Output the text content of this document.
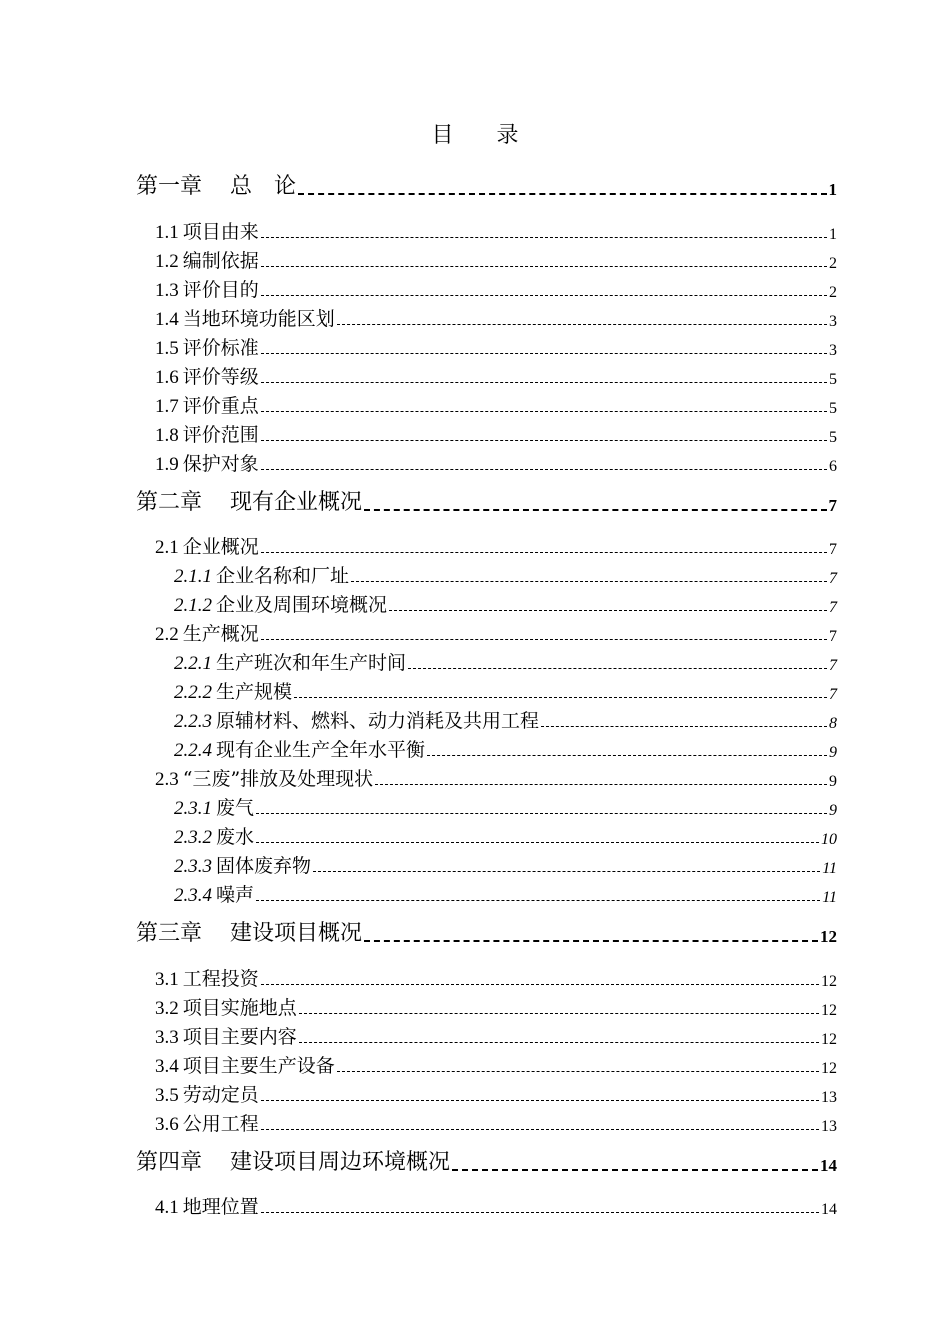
目 录
第一章 总　论	1
1.1 项目由来	1
1.2 编制依据	2
1.3 评价目的	2
1.4 当地环境功能区划	3
1.5 评价标准	3
1.6 评价等级	5
1.7 评价重点	5
1.8 评价范围	5
1.9 保护对象	6
第二章 现有企业概况	7
2.1 企业概况	7
2.1.1 企业名称和厂址	7
2.1.2 企业及周围环境概况	7
2.2 生产概况	7
2.2.1 生产班次和年生产时间	7
2.2.2 生产规模	7
2.2.3 原辅材料、燃料、动力消耗及共用工程	8
2.2.4 现有企业生产全年水平衡	9
2.3 “三废”排放及处理现状	9
2.3.1 废气	9
2.3.2 废水	10
2.3.3 固体废弃物	11
2.3.4 噪声	11
第三章 建设项目概况	12
3.1 工程投资	12
3.2 项目实施地点	12
3.3 项目主要内容	12
3.4 项目主要生产设备	12
3.5 劳动定员	13
3.6 公用工程	13
第四章 建设项目周边环境概况	14
4.1 地理位置	14
